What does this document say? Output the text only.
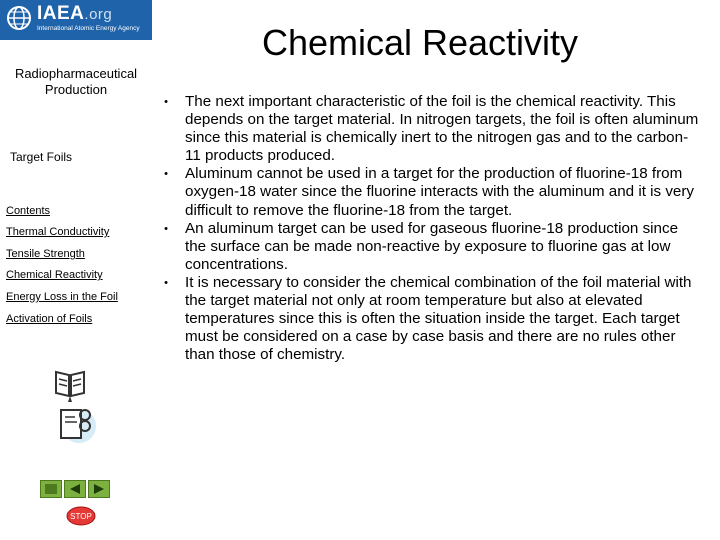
IAEA.org
International Atomic Energy Agency
Radiopharmaceutical Production
Target Foils
Contents
Thermal Conductivity
Tensile Strength
Chemical Reactivity
Energy Loss in the Foil
Activation of Foils
STOP
Chemical Reactivity
• The next important characteristic of the foil is the chemical reactivity. This depends on the target material. In nitrogen targets, the foil is often aluminum since this material is chemically inert to the nitrogen gas and to the carbon-11 products produced.
• Aluminum cannot be used in a target for the production of fluorine-18 from oxygen-18 water since the fluorine interacts with the aluminum and it is very difficult to remove the fluorine-18 from the target.
• An aluminum target can be used for gaseous fluorine-18 production since the surface can be made non-reactive by exposure to fluorine gas at low concentrations.
• It is necessary to consider the chemical combination of the foil material with the target material not only at room temperature but also at elevated temperatures since this is often the situation inside the target. Each target must be considered on a case by case basis and there are no rules other than those of chemistry.
